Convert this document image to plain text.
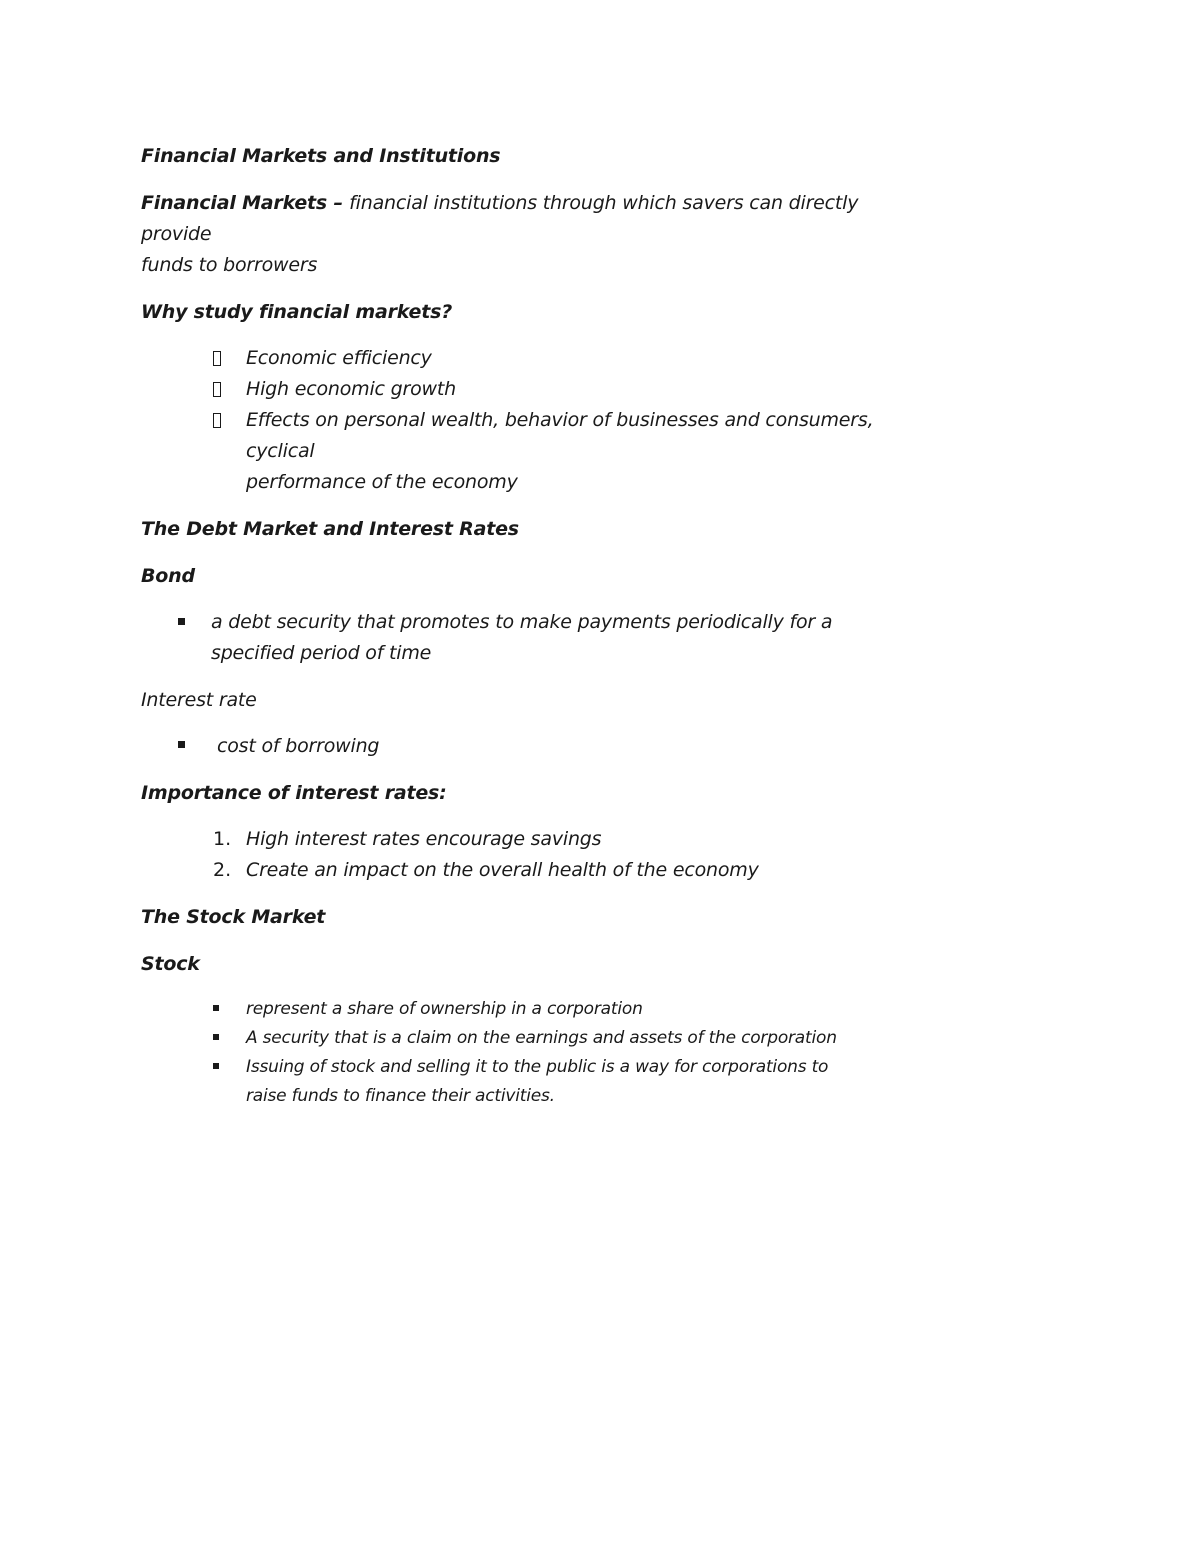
Financial Markets and Institutions
Financial Markets – financial institutions through which savers can directly
provide
funds to borrowers
Why study financial markets?
Economic efficiency
High economic growth
Effects on personal wealth, behavior of businesses and consumers,
cyclical
performance of the economy
The Debt Market and Interest Rates
Bond
a debt security that promotes to make payments periodically for a
specified period of time
Interest rate
cost of borrowing
Importance of interest rates:
1. High interest rates encourage savings
2. Create an impact on the overall health of the economy
The Stock Market
Stock
represent a share of ownership in a corporation
A security that is a claim on the earnings and assets of the corporation
Issuing of stock and selling it to the public is a way for corporations to
raise funds to finance their activities.
